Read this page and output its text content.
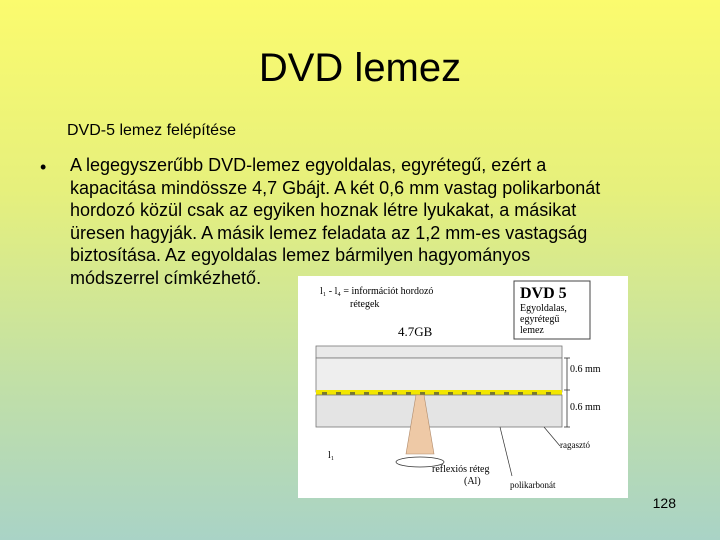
DVD lemez
DVD-5 lemez felépítése
• A legegyszerűbb DVD-lemez egyoldalas, egyrétegű, ezért a
kapacitása mindössze 4,7 Gbájt. A két 0,6 mm vastag polikarbonát
hordozó közül csak az egyiken hoznak létre lyukakat, a másikat
üresen hagyják. A másik lemez feladata az 1,2 mm-es vastagság
biztosítása. Az egyoldalas lemez bármilyen hagyományos
módszerrel címkézhető.
l₁ - l₄ = információt hordozó
rétegek
4.7GB
DVD 5
Egyoldalas,
egyrétegű
lemez
0.6 mm
0.6 mm
l₁
ragasztó
reflexiós réteg
(Al)	polikarbonát
128
